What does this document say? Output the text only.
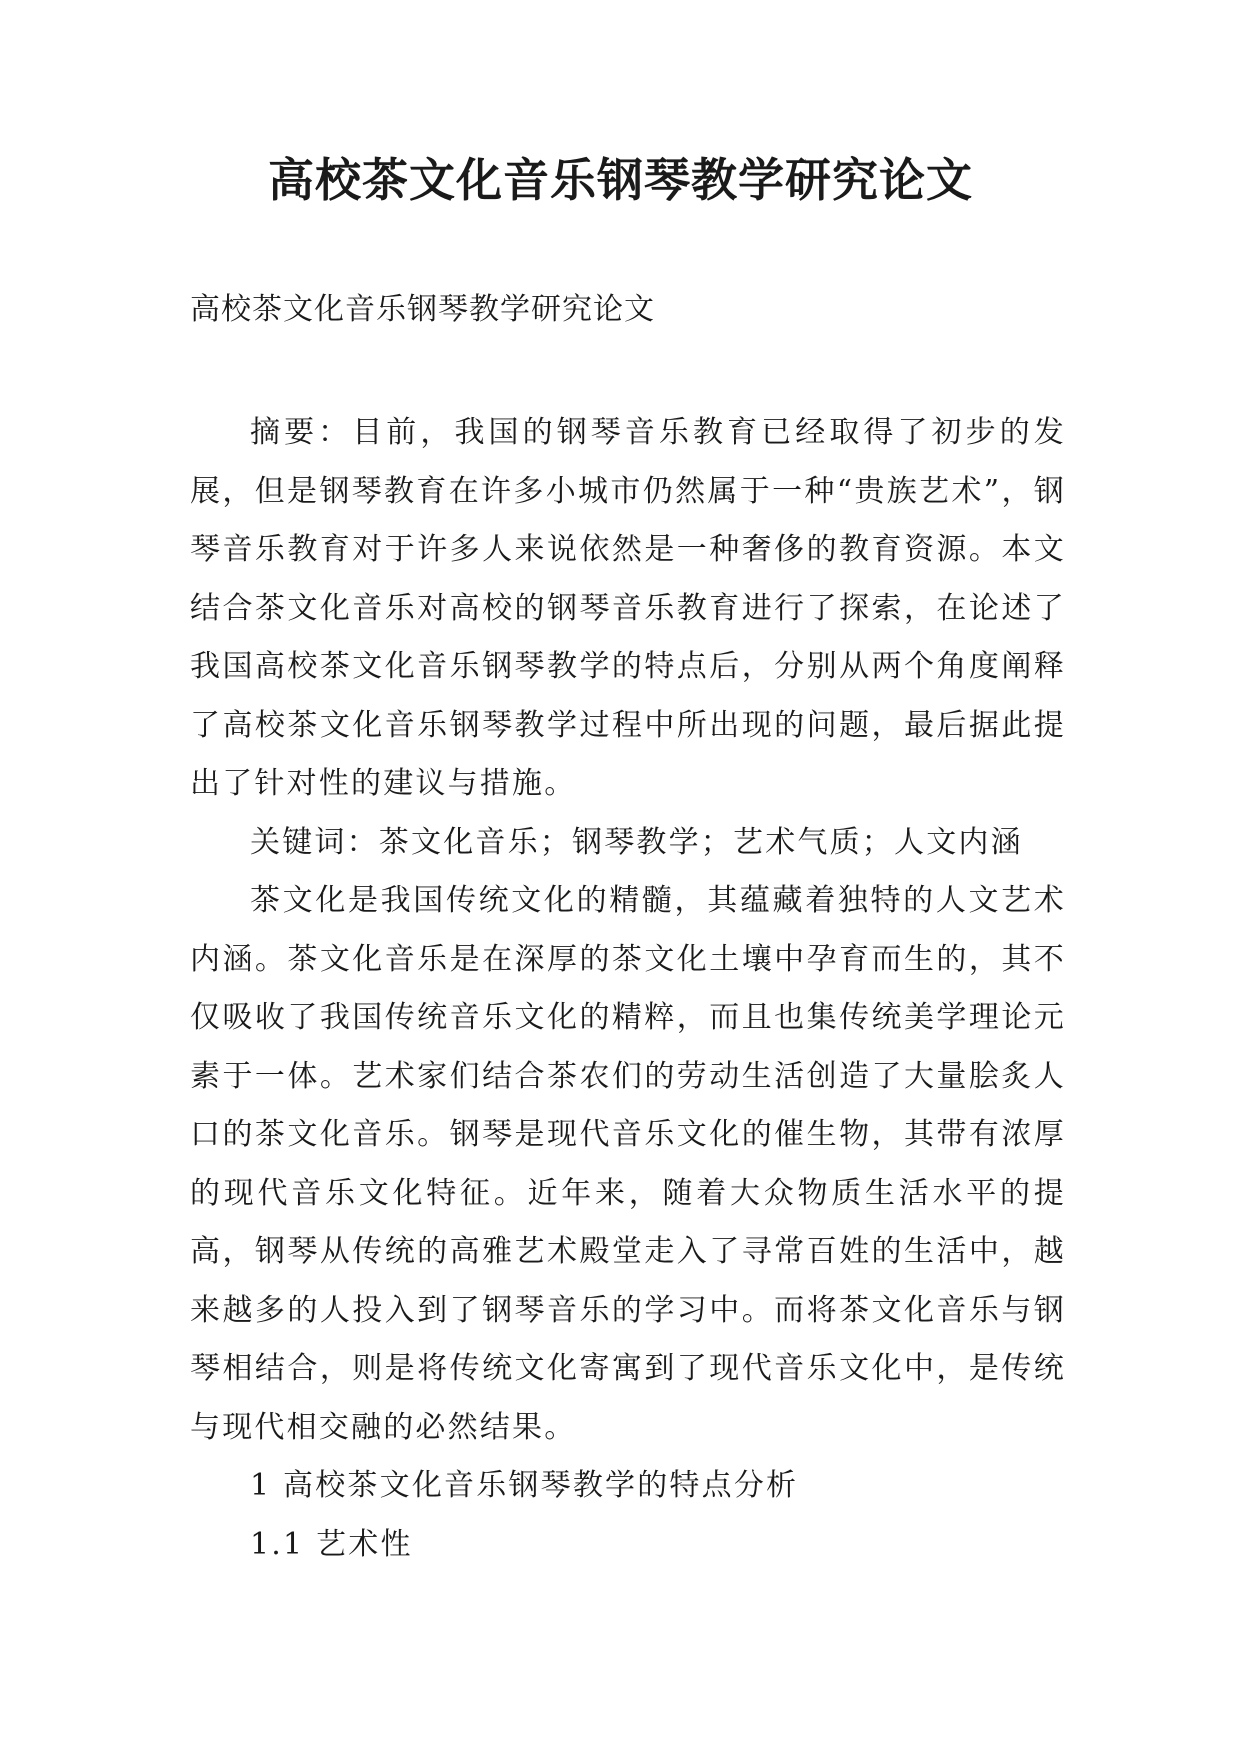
高校茶文化音乐钢琴教学研究论文

高校茶文化音乐钢琴教学研究论文

摘要：目前，我国的钢琴音乐教育已经取得了初步的发展，但是钢琴教育在许多小城市仍然属于一种“贵族艺术”，钢琴音乐教育对于许多人来说依然是一种奢侈的教育资源。本文结合茶文化音乐对高校的钢琴音乐教育进行了探索，在论述了我国高校茶文化音乐钢琴教学的特点后，分别从两个角度阐释了高校茶文化音乐钢琴教学过程中所出现的问题，最后据此提出了针对性的建议与措施。

关键词：茶文化音乐；钢琴教学；艺术气质；人文内涵

茶文化是我国传统文化的精髓，其蕴藏着独特的人文艺术内涵。茶文化音乐是在深厚的茶文化土壤中孕育而生的，其不仅吸收了我国传统音乐文化的精粹，而且也集传统美学理论元素于一体。艺术家们结合茶农们的劳动生活创造了大量脍炙人口的茶文化音乐。钢琴是现代音乐文化的催生物，其带有浓厚的现代音乐文化特征。近年来，随着大众物质生活水平的提高，钢琴从传统的高雅艺术殿堂走入了寻常百姓的生活中，越来越多的人投入到了钢琴音乐的学习中。而将茶文化音乐与钢琴相结合，则是将传统文化寄寓到了现代音乐文化中，是传统与现代相交融的必然结果。

1 高校茶文化音乐钢琴教学的特点分析

1.1 艺术性
